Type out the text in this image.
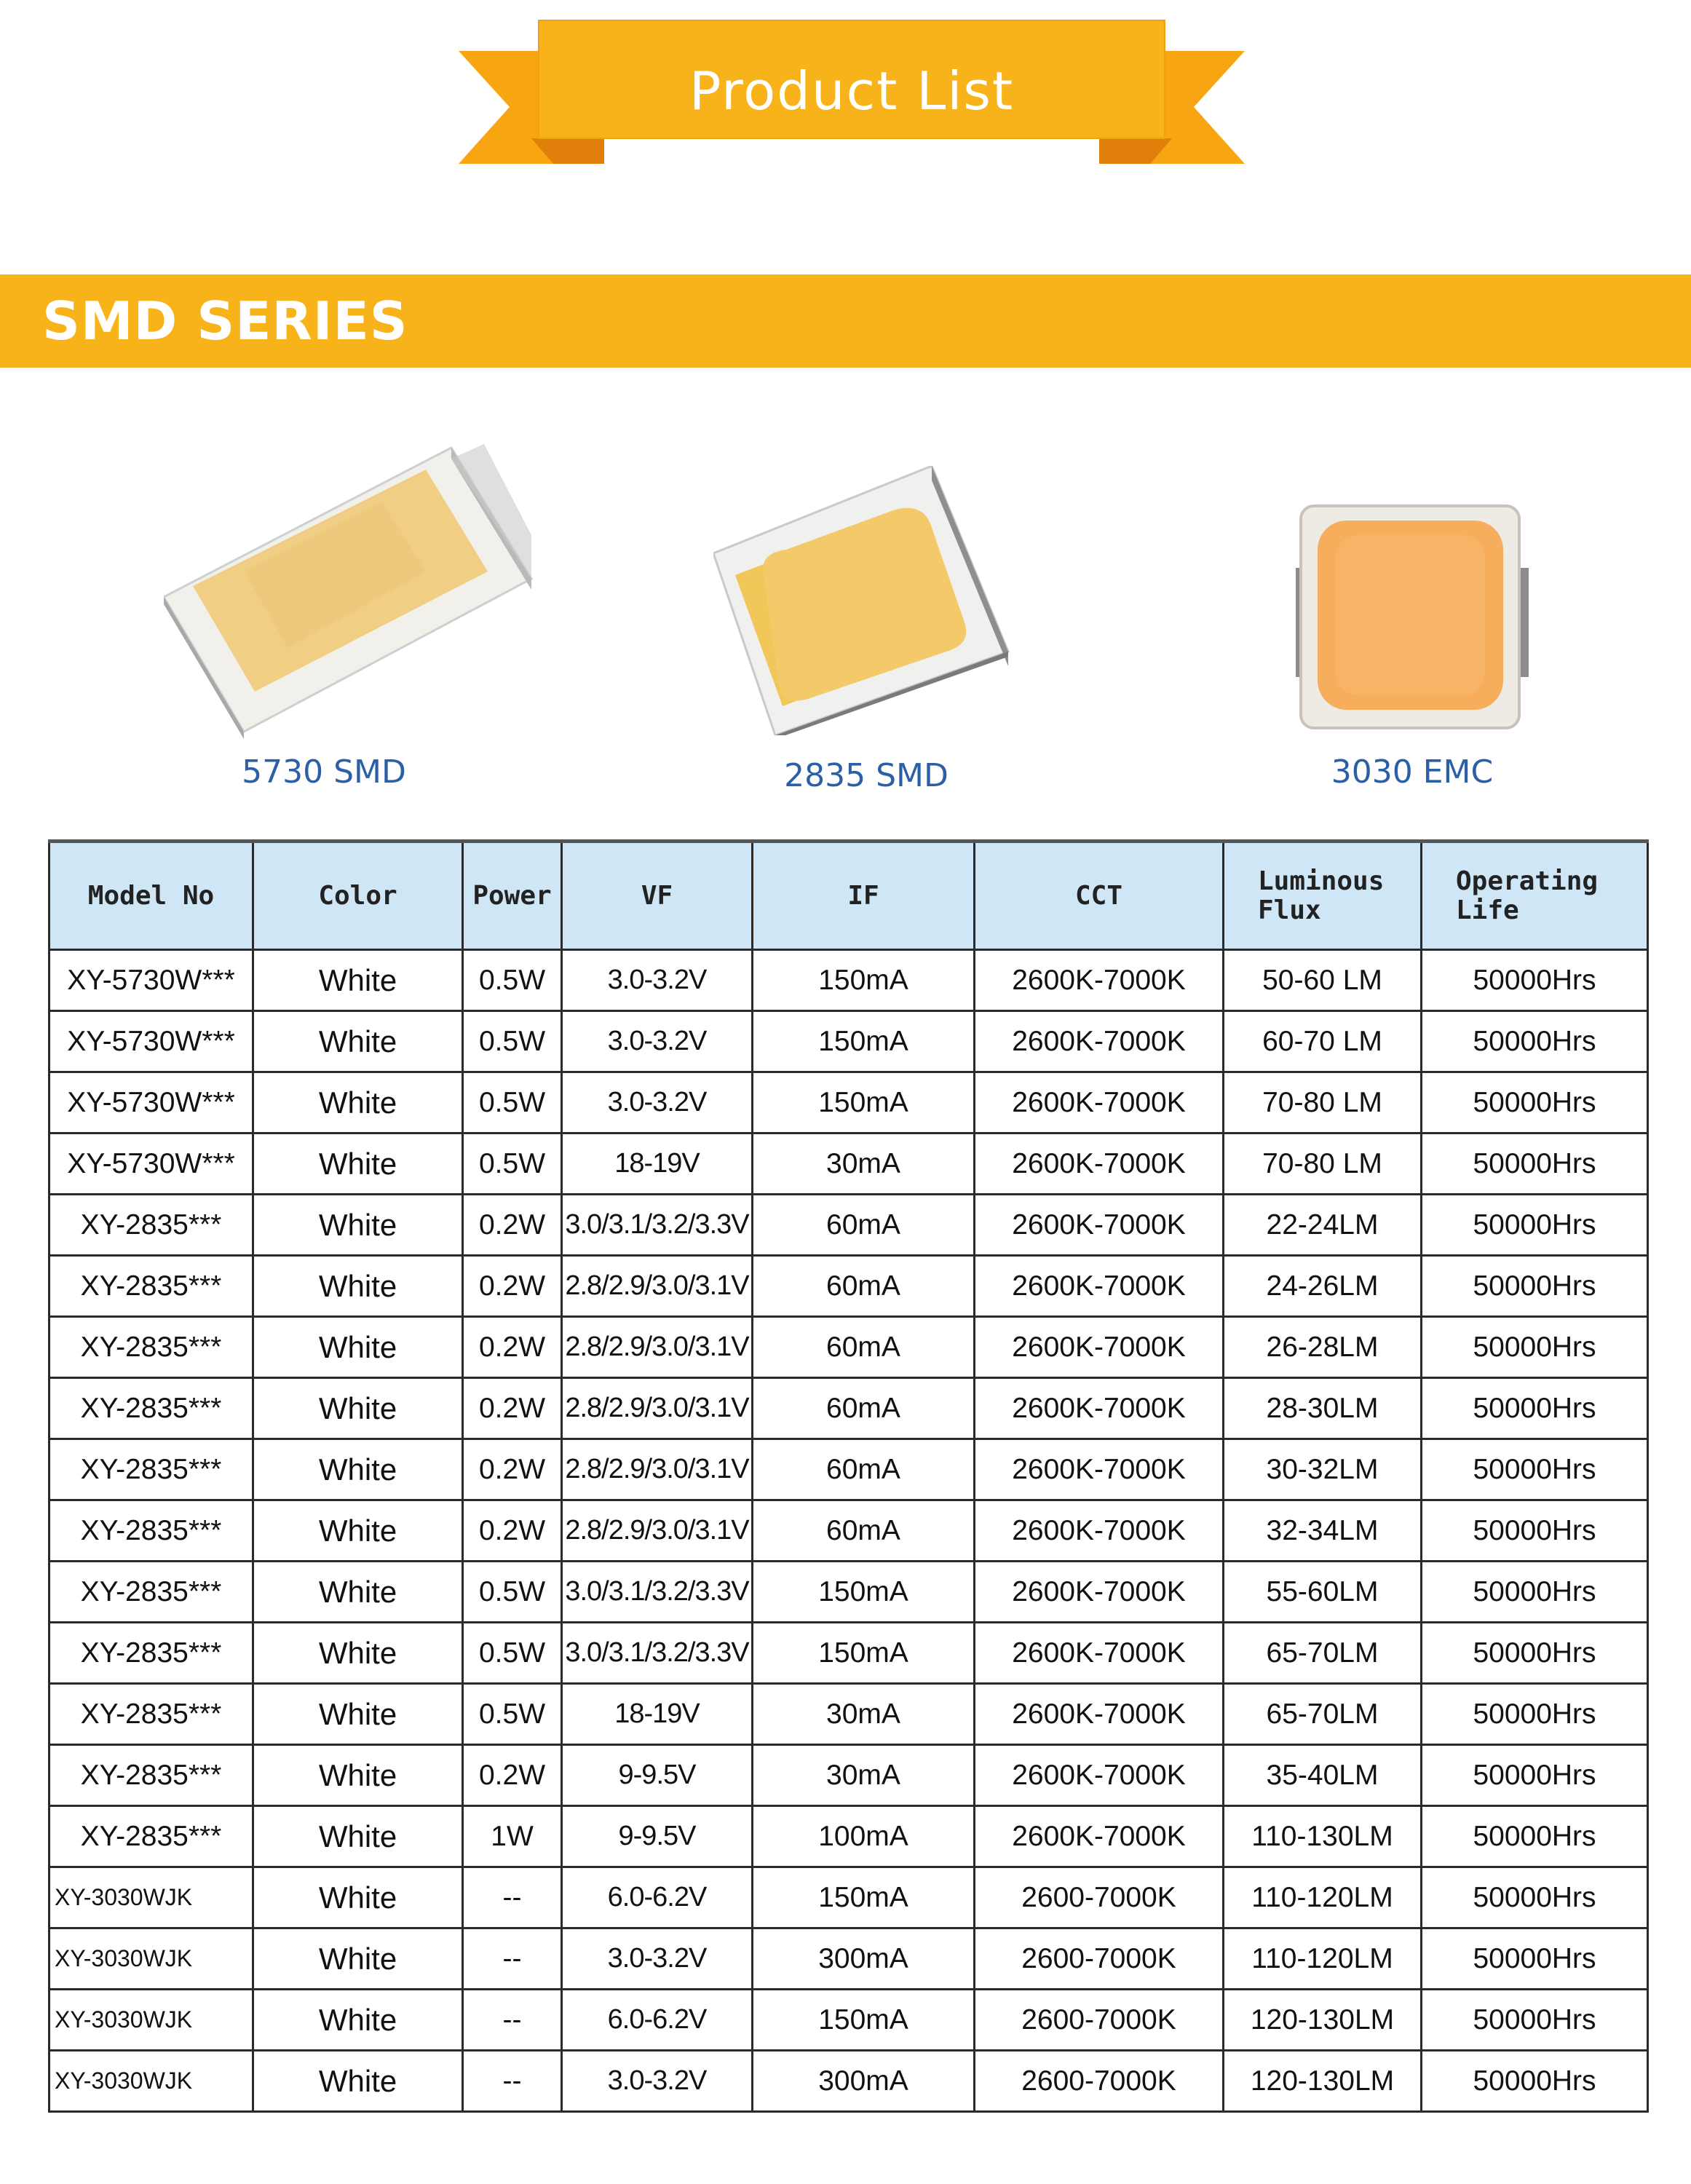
Product List
SMD SERIES
5730 SMD	2835 SMD	3030 EMC
Model No	Color	Power	VF	IF	CCT	Luminous Flux	Operating Life
XY-5730W***	White	0.5W	3.0-3.2V	150mA	2600K-7000K	50-60 LM	50000Hrs
XY-5730W***	White	0.5W	3.0-3.2V	150mA	2600K-7000K	60-70 LM	50000Hrs
XY-5730W***	White	0.5W	3.0-3.2V	150mA	2600K-7000K	70-80 LM	50000Hrs
XY-5730W***	White	0.5W	18-19V	30mA	2600K-7000K	70-80 LM	50000Hrs
XY-2835***	White	0.2W	3.0/3.1/3.2/3.3V	60mA	2600K-7000K	22-24LM	50000Hrs
XY-2835***	White	0.2W	2.8/2.9/3.0/3.1V	60mA	2600K-7000K	24-26LM	50000Hrs
XY-2835***	White	0.2W	2.8/2.9/3.0/3.1V	60mA	2600K-7000K	26-28LM	50000Hrs
XY-2835***	White	0.2W	2.8/2.9/3.0/3.1V	60mA	2600K-7000K	28-30LM	50000Hrs
XY-2835***	White	0.2W	2.8/2.9/3.0/3.1V	60mA	2600K-7000K	30-32LM	50000Hrs
XY-2835***	White	0.2W	2.8/2.9/3.0/3.1V	60mA	2600K-7000K	32-34LM	50000Hrs
XY-2835***	White	0.5W	3.0/3.1/3.2/3.3V	150mA	2600K-7000K	55-60LM	50000Hrs
XY-2835***	White	0.5W	3.0/3.1/3.2/3.3V	150mA	2600K-7000K	65-70LM	50000Hrs
XY-2835***	White	0.5W	18-19V	30mA	2600K-7000K	65-70LM	50000Hrs
XY-2835***	White	0.2W	9-9.5V	30mA	2600K-7000K	35-40LM	50000Hrs
XY-2835***	White	1W	9-9.5V	100mA	2600K-7000K	110-130LM	50000Hrs
XY-3030WJK	White	--	6.0-6.2V	150mA	2600-7000K	110-120LM	50000Hrs
XY-3030WJK	White	--	3.0-3.2V	300mA	2600-7000K	110-120LM	50000Hrs
XY-3030WJK	White	--	6.0-6.2V	150mA	2600-7000K	120-130LM	50000Hrs
XY-3030WJK	White	--	3.0-3.2V	300mA	2600-7000K	120-130LM	50000Hrs
